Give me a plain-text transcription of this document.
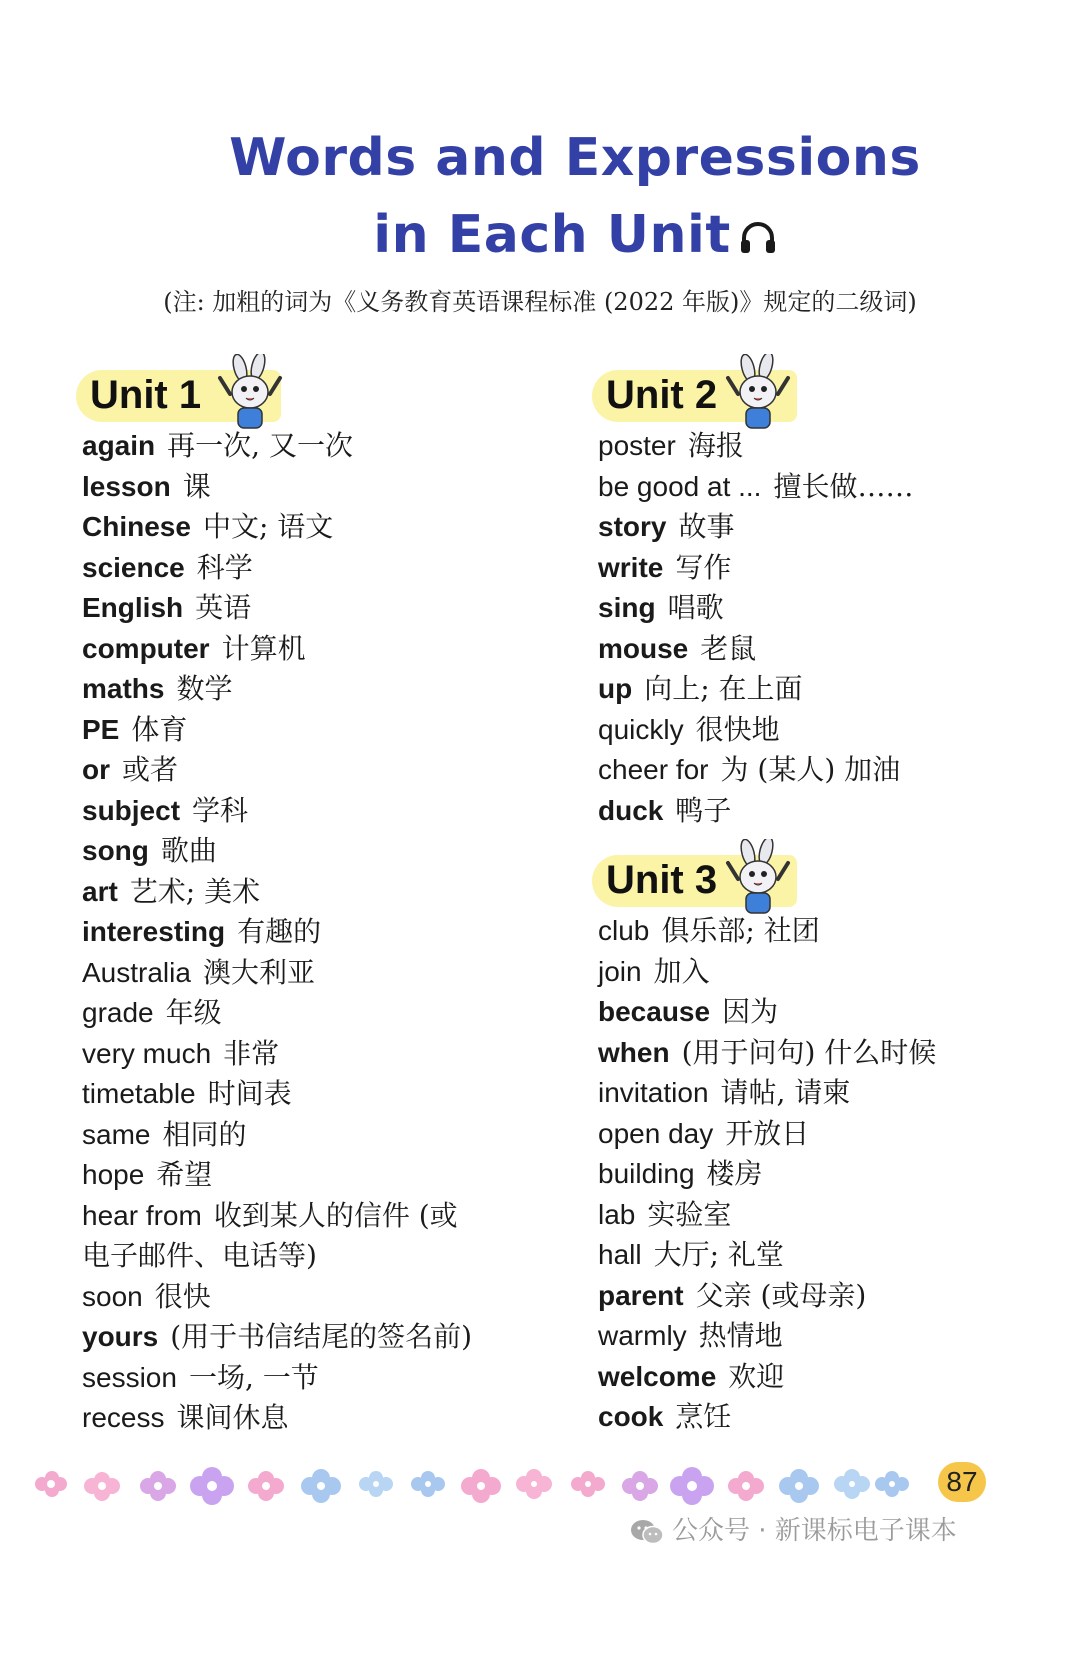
Words and Expressions
in Each Unit
(注: 加粗的词为《义务教育英语课程标准 (2022 年版)》规定的二级词)
Unit 1
again 再一次, 又一次
lesson 课
Chinese 中文; 语文
science 科学
English 英语
computer 计算机
maths 数学
PE 体育
or 或者
subject 学科
song 歌曲
art 艺术; 美术
interesting 有趣的
Australia 澳大利亚
grade 年级
very much 非常
timetable 时间表
same 相同的
hope 希望
hear from 收到某人的信件 (或
电子邮件、电话等)
soon 很快
yours (用于书信结尾的签名前)
session 一场, 一节
recess 课间休息
Unit 2
poster 海报
be good at ... 擅长做……
story 故事
write 写作
sing 唱歌
mouse 老鼠
up 向上; 在上面
quickly 很快地
cheer for 为 (某人) 加油
duck 鸭子
Unit 3
club 俱乐部; 社团
join 加入
because 因为
when (用于问句) 什么时候
invitation 请帖, 请柬
open day 开放日
building 楼房
lab 实验室
hall 大厅; 礼堂
parent 父亲 (或母亲)
warmly 热情地
welcome 欢迎
cook 烹饪
87
公众号 · 新课标电子课本
